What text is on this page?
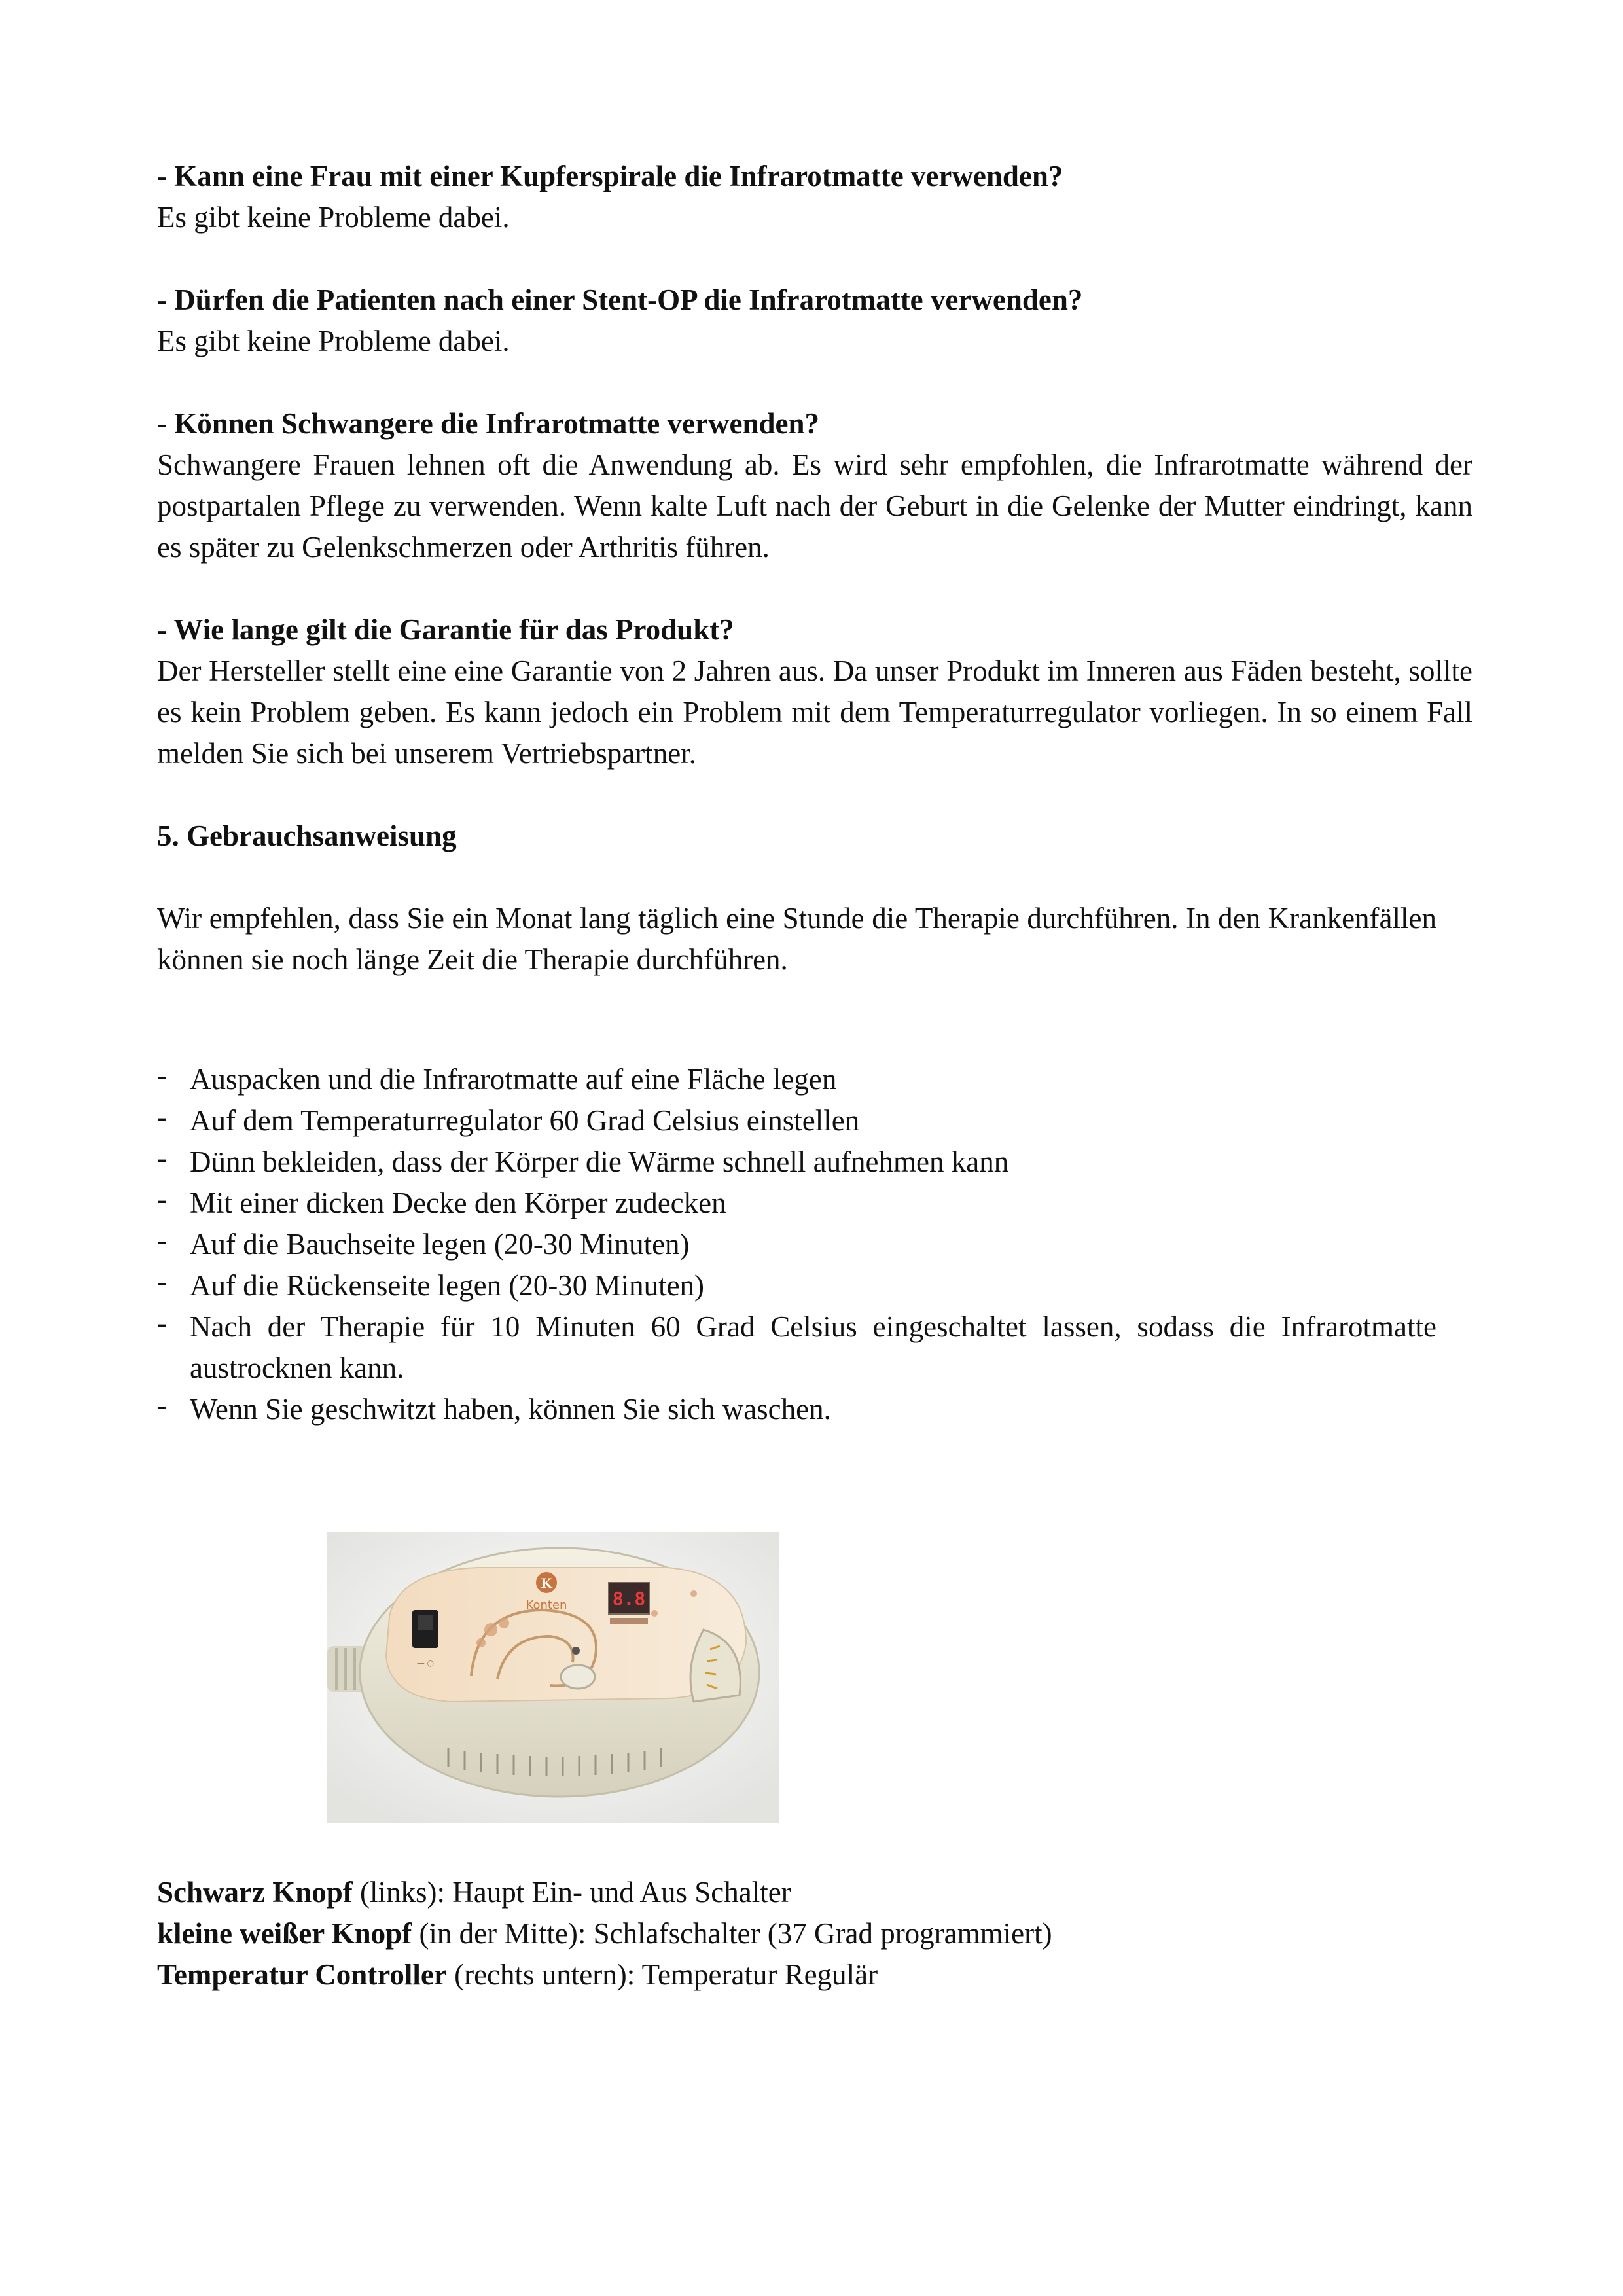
- Kann eine Frau mit einer Kupferspirale die Infrarotmatte verwenden?

Es gibt keine Probleme dabei.

- Dürfen die Patienten nach einer Stent-OP die Infrarotmatte verwenden?

Es gibt keine Probleme dabei.

- Können Schwangere die Infrarotmatte verwenden?

Schwangere Frauen lehnen oft die Anwendung ab. Es wird sehr empfohlen, die Infrarotmatte während der postpartalen Pflege zu verwenden. Wenn kalte Luft nach der Geburt in die Gelenke der Mutter eindringt, kann es später zu Gelenkschmerzen oder Arthritis führen.

- Wie lange gilt die Garantie für das Produkt?

Der Hersteller stellt eine eine Garantie von 2 Jahren aus. Da unser Produkt im Inneren aus Fäden besteht, sollte es kein Problem geben. Es kann jedoch ein Problem mit dem Temperaturregulator vorliegen. In so einem Fall melden Sie sich bei unserem Vertriebspartner.

5. Gebrauchsanweisung

Wir empfehlen, dass Sie ein Monat lang täglich eine Stunde die Therapie durchführen. In den Krankenfällen können sie noch länge Zeit die Therapie durchführen.

- Auspacken und die Infrarotmatte auf eine Fläche legen
- Auf dem Temperaturregulator 60 Grad Celsius einstellen
- Dünn bekleiden, dass der Körper die Wärme schnell aufnehmen kann
- Mit einer dicken Decke den Körper zudecken
- Auf die Bauchseite legen (20-30 Minuten)
- Auf die Rückenseite legen (20-30 Minuten)
- Nach der Therapie für 10 Minuten 60 Grad Celsius eingeschaltet lassen, sodass die Infrarotmatte austrocknen kann.
- Wenn Sie geschwitzt haben, können Sie sich waschen.
K
Konten
— ○
8.8

Schwarz Knopf (links): Haupt Ein- und Aus Schalter

kleine weißer Knopf (in der Mitte): Schlafschalter (37 Grad programmiert)

Temperatur Controller (rechts untern): Temperatur Regulär
